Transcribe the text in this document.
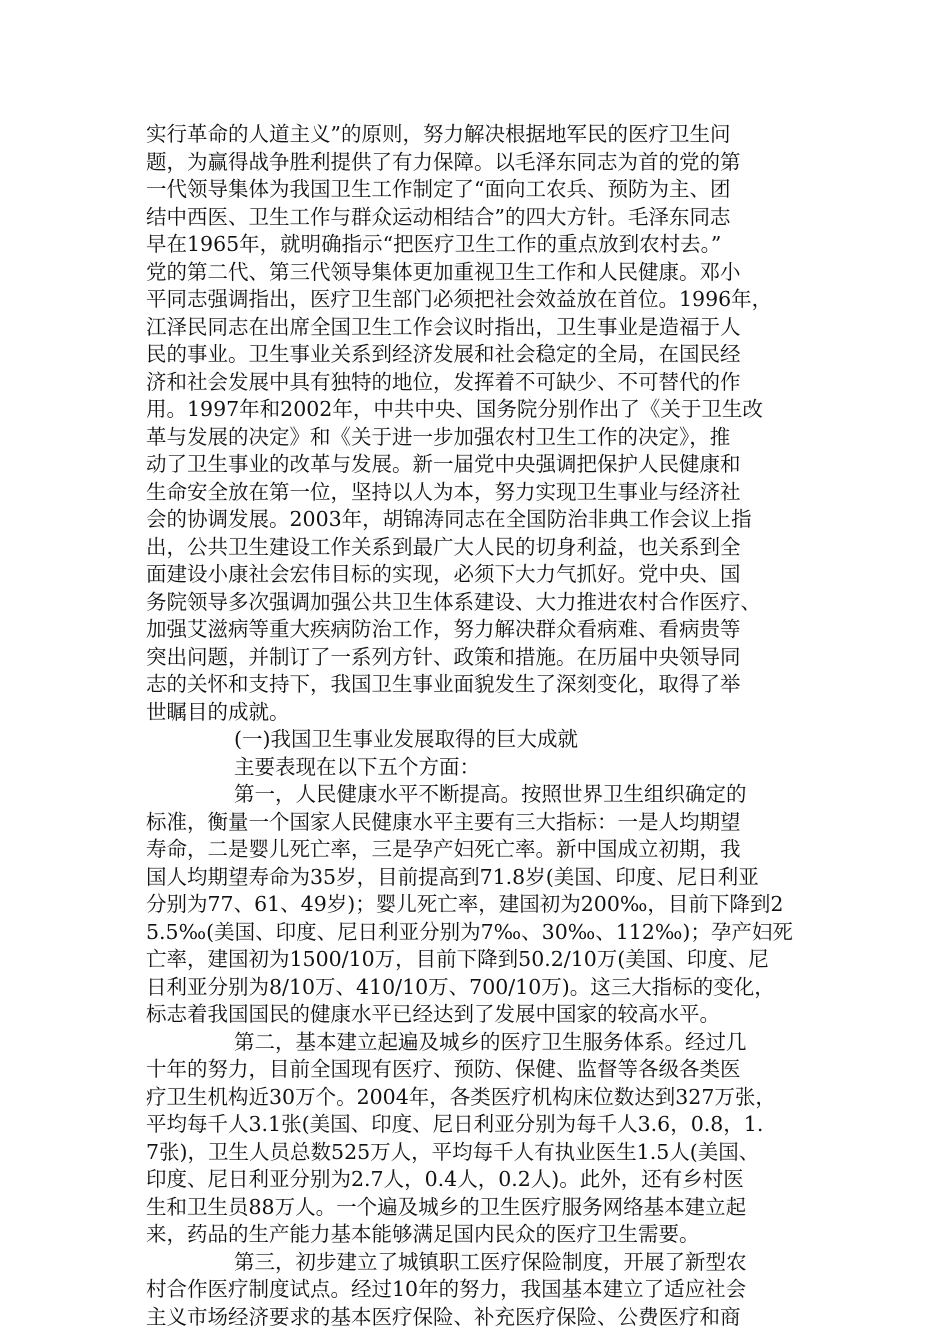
实行革命的人道主义”的原则，努力解决根据地军民的医疗卫生问
题，为赢得战争胜利提供了有力保障。以毛泽东同志为首的党的第
一代领导集体为我国卫生工作制定了“面向工农兵、预防为主、团
结中西医、卫生工作与群众运动相结合”的四大方针。毛泽东同志
早在1965年，就明确指示“把医疗卫生工作的重点放到农村去。”
党的第二代、第三代领导集体更加重视卫生工作和人民健康。邓小
平同志强调指出，医疗卫生部门必须把社会效益放在首位。1996年，
江泽民同志在出席全国卫生工作会议时指出，卫生事业是造福于人
民的事业。卫生事业关系到经济发展和社会稳定的全局，在国民经
济和社会发展中具有独特的地位，发挥着不可缺少、不可替代的作
用。1997年和2002年，中共中央、国务院分别作出了《关于卫生改
革与发展的决定》和《关于进一步加强农村卫生工作的决定》，推
动了卫生事业的改革与发展。新一届党中央强调把保护人民健康和
生命安全放在第一位，坚持以人为本，努力实现卫生事业与经济社
会的协调发展。2003年，胡锦涛同志在全国防治非典工作会议上指
出，公共卫生建设工作关系到最广大人民的切身利益，也关系到全
面建设小康社会宏伟目标的实现，必须下大力气抓好。党中央、国
务院领导多次强调加强公共卫生体系建设、大力推进农村合作医疗、
加强艾滋病等重大疾病防治工作，努力解决群众看病难、看病贵等
突出问题，并制订了一系列方针、政策和措施。在历届中央领导同
志的关怀和支持下，我国卫生事业面貌发生了深刻变化，取得了举
世瞩目的成就。
(一)我国卫生事业发展取得的巨大成就
主要表现在以下五个方面：
第一，人民健康水平不断提高。按照世界卫生组织确定的
标准，衡量一个国家人民健康水平主要有三大指标：一是人均期望
寿命，二是婴儿死亡率，三是孕产妇死亡率。新中国成立初期，我
国人均期望寿命为35岁，目前提高到71.8岁(美国、印度、尼日利亚
分别为77、61、49岁)；婴儿死亡率，建国初为200‰，目前下降到2
5.5‰(美国、印度、尼日利亚分别为7‰、30‰、112‰)；孕产妇死
亡率，建国初为1500/10万，目前下降到50.2/10万(美国、印度、尼
日利亚分别为8/10万、410/10万、700/10万)。这三大指标的变化，
标志着我国国民的健康水平已经达到了发展中国家的较高水平。
第二，基本建立起遍及城乡的医疗卫生服务体系。经过几
十年的努力，目前全国现有医疗、预防、保健、监督等各级各类医
疗卫生机构近30万个。2004年，各类医疗机构床位数达到327万张，
平均每千人3.1张(美国、印度、尼日利亚分别为每千人3.6，0.8，1.
7张)，卫生人员总数525万人，平均每千人有执业医生1.5人(美国、
印度、尼日利亚分别为2.7人，0.4人，0.2人)。此外，还有乡村医
生和卫生员88万人。一个遍及城乡的卫生医疗服务网络基本建立起
来，药品的生产能力基本能够满足国内民众的医疗卫生需要。
第三，初步建立了城镇职工医疗保险制度，开展了新型农
村合作医疗制度试点。经过10年的努力，我国基本建立了适应社会
主义市场经济要求的基本医疗保险、补充医疗保险、公费医疗和商
